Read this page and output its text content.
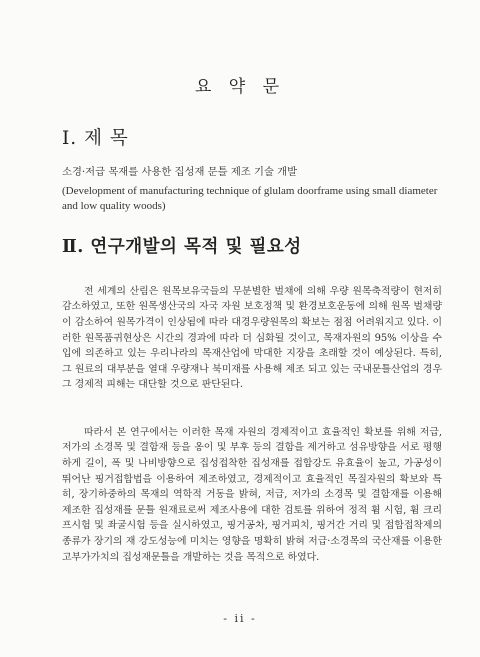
요 약 문
Ⅰ. 제 목
소경·저급 목재를 사용한 집성재 문틀 제조 기술 개발
(Development of manufacturing technique of glulam doorframe using small diameter and low quality woods)
Ⅱ. 연구개발의 목적 및 필요성

전 세계의 산림은 원목보유국들의 무분별한 벌채에 의해 우량 원목축적량이 현저히 감소하였고, 또한 원목생산국의 자국 자원 보호정책 및 환경보호운동에 의해 원목 벌채량이 감소하여 원목가격이 인상됨에 따라 대경우량원목의 확보는 점점 어려워지고 있다. 이러한 원목품귀현상은 시간의 경과에 따라 더 심화될 것이고, 목재자원의 95% 이상을 수입에 의존하고 있는 우리나라의 목재산업에 막대한 지장을 초래할 것이 예상된다. 특히, 그 원료의 대부분을 열대 우량재나 북미재를 사용해 제조 되고 있는 국내문틀산업의 경우 그 경제적 피해는 대단할 것으로 판단된다.

따라서 본 연구에서는 이러한 목재 자원의 경제적이고 효율적인 확보를 위해 저급, 저가의 소경목 및 결함재 등을 옹이 및 부후 등의 결함을 제거하고 섬유방향을 서로 평행하게 길이, 폭 및 나비방향으로 집성접착한 집성재를 접합강도 유효율이 높고, 가공성이 뛰어난 핑거접합법을 이용하여 제조하였고, 경제적이고 효율적인 목질자원의 확보와 특히, 장기하중하의 목재의 역학적 거동을 밝혀, 저급, 저가의 소경목 및 결함재를 이용해 제조한 집성재를 문틀 원재료로써 제조사용에 대한 검토를 위하여 정적 휨 시험, 휨 크리프시험 및 좌굴시험 등을 실시하였고, 핑거공차, 핑거피치, 핑거간 거리 및 접합접착제의 종류가 장기의 재 강도성능에 미치는 영향을 명확히 밝혀 저급·소경목의 국산재를 이용한 고부가가치의 집성재문틀을 개발하는 것을 목적으로 하였다.

- ii -
